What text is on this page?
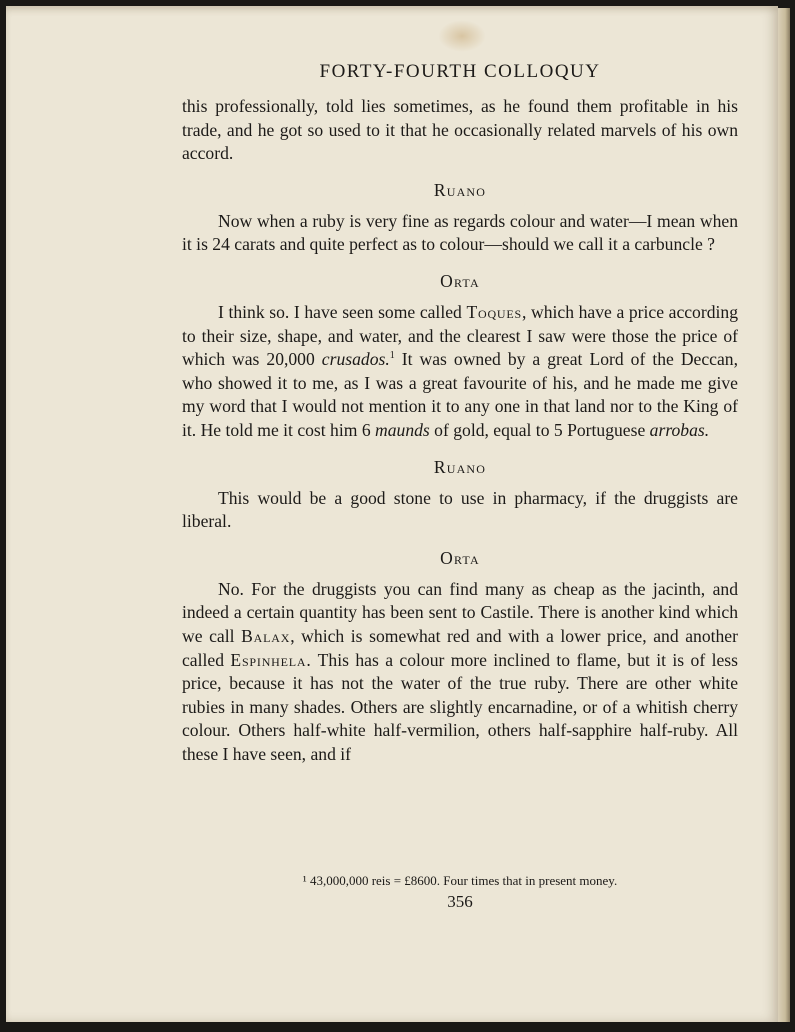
FORTY-FOURTH COLLOQUY

this professionally, told lies sometimes, as he found them profitable in his trade, and he got so used to it that he occasionally related marvels of his own accord.

Ruano

Now when a ruby is very fine as regards colour and water—I mean when it is 24 carats and quite perfect as to colour—should we call it a carbuncle ?

Orta

I think so. I have seen some called Toques, which have a price according to their size, shape, and water, and the clearest I saw were those the price of which was 20,000 crusados.$^1$ It was owned by a great Lord of the Deccan, who showed it to me, as I was a great favourite of his, and he made me give my word that I would not mention it to any one in that land nor to the King of it. He told me it cost him 6 maunds of gold, equal to 5 Portuguese arrobas.

Ruano

This would be a good stone to use in pharmacy, if the druggists are liberal.

Orta

No. For the druggists you can find many as cheap as the jacinth, and indeed a certain quantity has been sent to Castile. There is another kind which we call Balax, which is somewhat red and with a lower price, and another called Espinhela. This has a colour more inclined to flame, but it is of less price, because it has not the water of the true ruby. There are other white rubies in many shades. Others are slightly encarnadine, or of a whitish cherry colour. Others half-white half-vermilion, others half-sapphire half-ruby. All these I have seen, and if

¹ 43,000,000 reis = £8600. Four times that in present money.
356
